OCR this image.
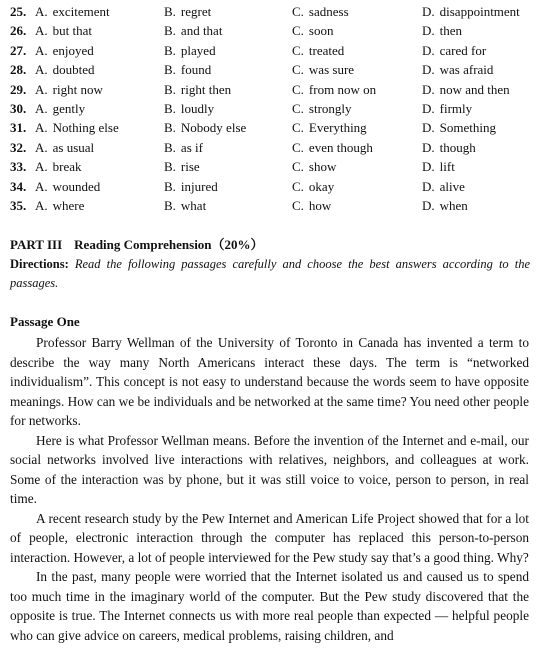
25. A. excitement	B. regret	C. sadness	D. disappointment
26. A. but that	B. and that	C. soon	D. then
27. A. enjoyed	B. played	C. treated	D. cared for
28. A. doubted	B. found	C. was sure	D. was afraid
29. A. right now	B. right then	C. from now on	D. now and then
30. A. gently	B. loudly	C. strongly	D. firmly
31. A. Nothing else	B. Nobody else	C. Everything	D. Something
32. A. as usual	B. as if	C. even though	D. though
33. A. break	B. rise	C. show	D. lift
34. A. wounded	B. injured	C. okay	D. alive
35. A. where	B. what	C. how	D. when
PART III Reading Comprehension（20%）
Directions: Read the following passages carefully and choose the best answers according to the passages.
Passage One

Professor Barry Wellman of the University of Toronto in Canada has invented a term to describe the way many North Americans interact these days. The term is “networked individualism”. This concept is not easy to understand because the words seem to have opposite meanings. How can we be individuals and be networked at the same time? You need other people for networks.

Here is what Professor Wellman means. Before the invention of the Internet and e-mail, our social networks involved live interactions with relatives, neighbors, and colleagues at work. Some of the interaction was by phone, but it was still voice to voice, person to person, in real time.

A recent research study by the Pew Internet and American Life Project showed that for a lot of people, electronic interaction through the computer has replaced this person-to-person interaction. However, a lot of people interviewed for the Pew study say that’s a good thing. Why?

In the past, many people were worried that the Internet isolated us and caused us to spend too much time in the imaginary world of the computer. But the Pew study discovered that the opposite is true. The Internet connects us with more real people than expected — helpful people who can give advice on careers, medical problems, raising children, and
